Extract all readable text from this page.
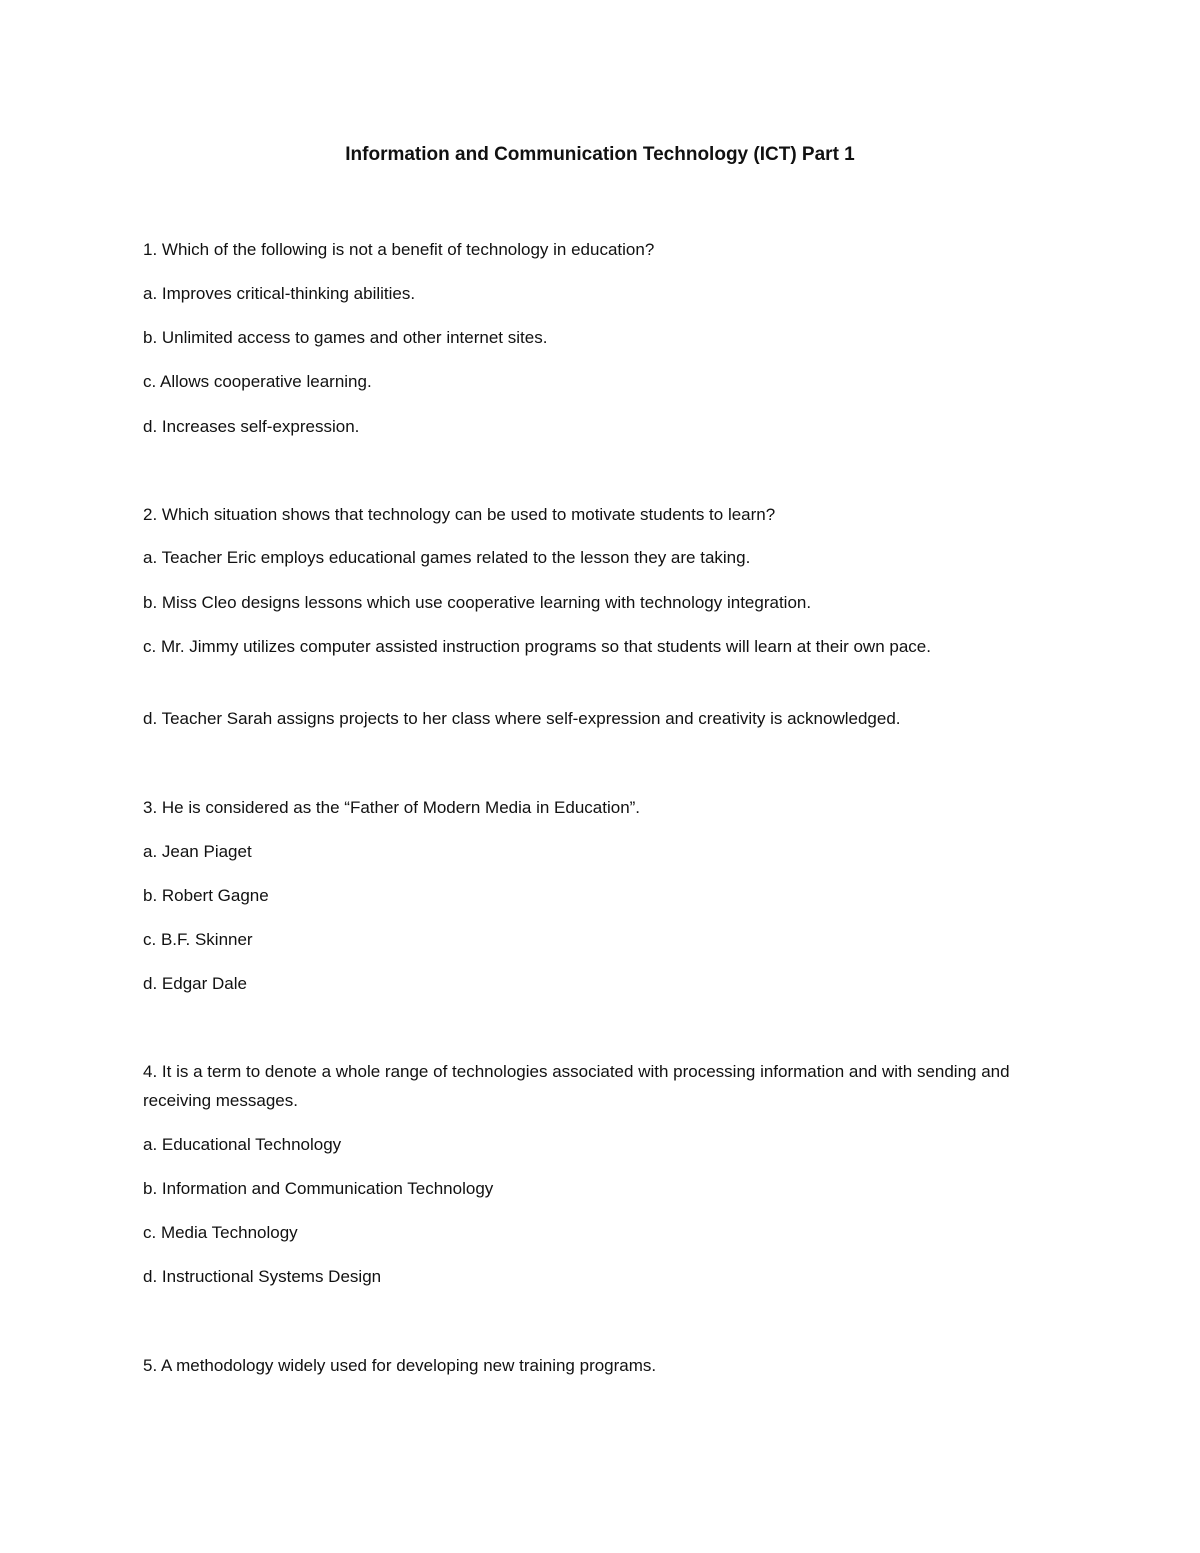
Information and Communication Technology (ICT) Part 1
1. Which of the following is not a benefit of technology in education?
a. Improves critical-thinking abilities.
b. Unlimited access to games and other internet sites.
c. Allows cooperative learning.
d. Increases self-expression.
2. Which situation shows that technology can be used to motivate students to learn?
a. Teacher Eric employs educational games related to the lesson they are taking.
b. Miss Cleo designs lessons which use cooperative learning with technology integration.
c. Mr. Jimmy utilizes computer assisted instruction programs so that students will learn at their own pace.
d. Teacher Sarah assigns projects to her class where self-expression and creativity is acknowledged.
3. He is considered as the “Father of Modern Media in Education”.
a. Jean Piaget
b. Robert Gagne
c. B.F. Skinner
d. Edgar Dale
4. It is a term to denote a whole range of technologies associated with processing information and with sending and receiving messages.
a. Educational Technology
b. Information and Communication Technology
c. Media Technology
d. Instructional Systems Design
5. A methodology widely used for developing new training programs.
